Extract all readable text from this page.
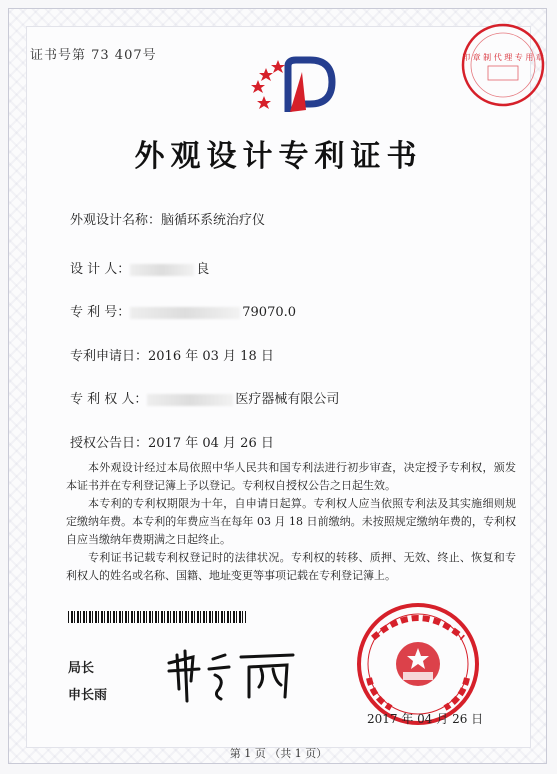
证书号第 73 407号	印 章 制 代 理 专 用 章
外观设计专利证书
外观设计名称：脑循环系统治疗仪
设 计 人：	良
专 利 号：	79070.0
专利申请日：2016 年 03 月 18 日
专 利 权 人：	医疗器械有限公司
授权公告日：2017 年 04 月 26 日
本外观设计经过本局依照中华人民共和国专利法进行初步审查，决定授予专利权，颁发本证书并在专利登记簿上予以登记。专利权自授权公告之日起生效。
本专利的专利权期限为十年，自申请日起算。专利权人应当依照专利法及其实施细则规定缴纳年费。本专利的年费应当在每年 03 月 18 日前缴纳。未按照规定缴纳年费的，专利权自应当缴纳年费期满之日起终止。
专利证书记载专利权登记时的法律状况。专利权的转移、质押、无效、终止、恢复和专利权人的姓名或名称、国籍、地址变更等事项记载在专利登记簿上。
局长
申长雨
2017 年 04 月 26 日
第 1 页 （共 1 页）
